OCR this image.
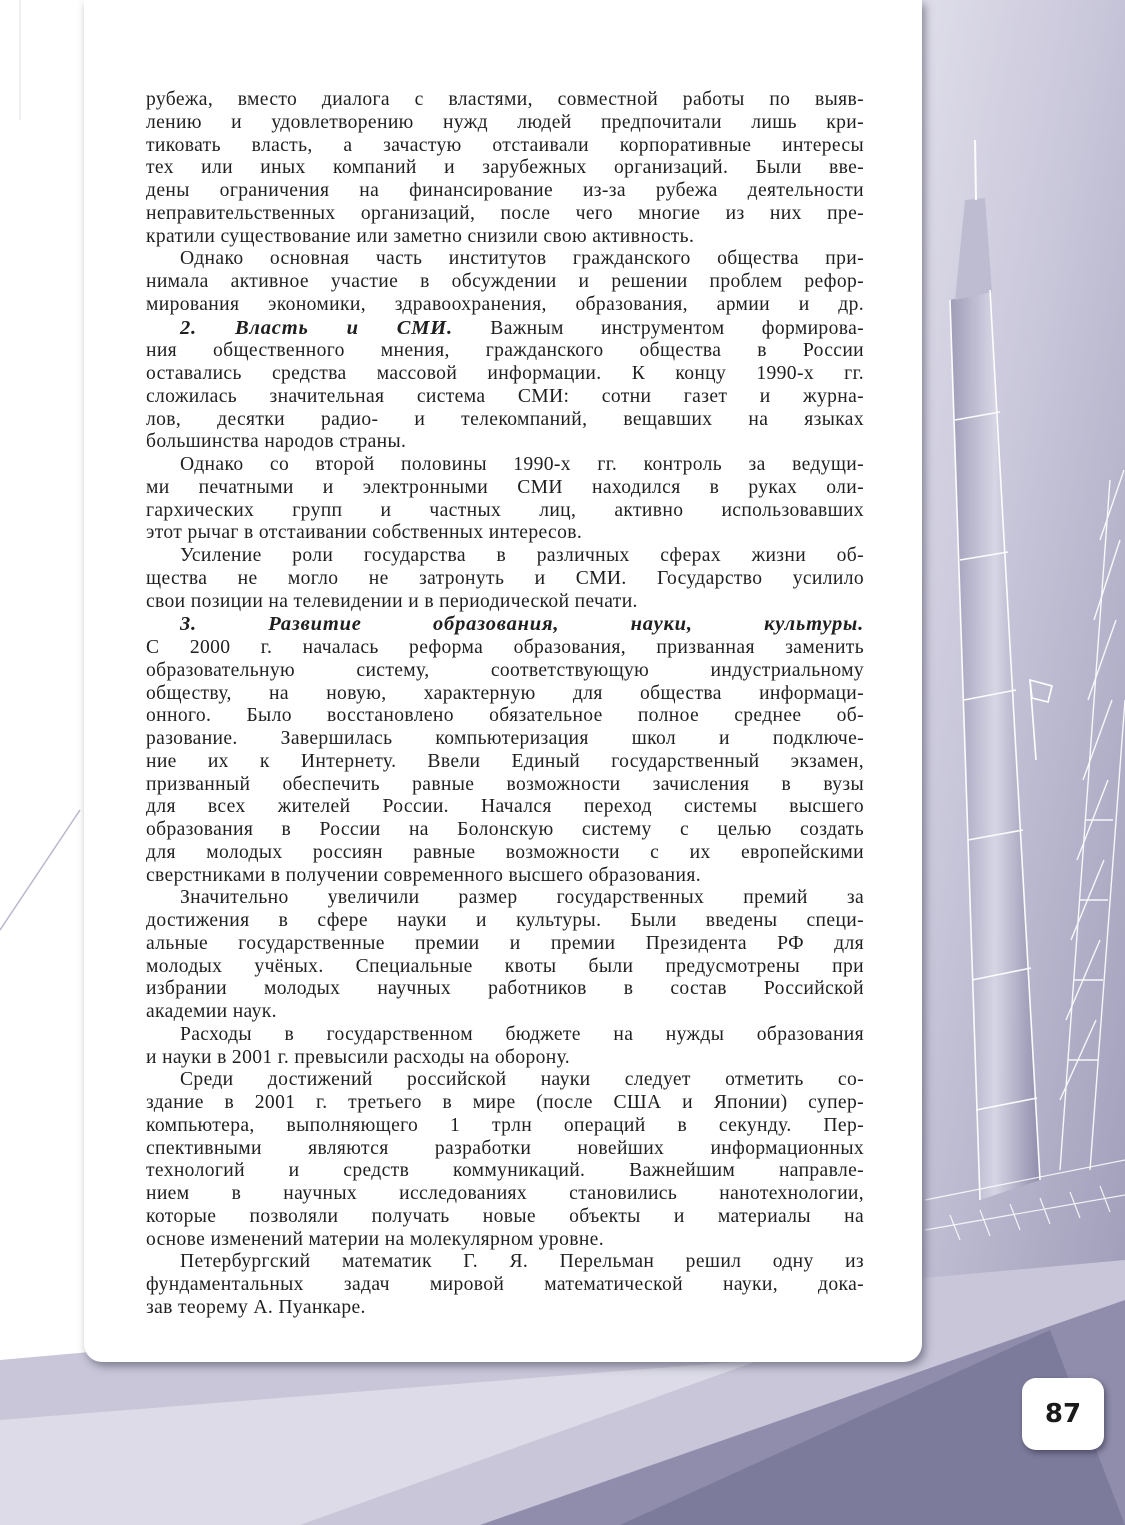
рубежа, вместо диалога с властями, совместной работы по выяв-
лению и удовлетворению нужд людей предпочитали лишь кри-
тиковать власть, а зачастую отстаивали корпоративные интересы
тех или иных компаний и зарубежных организаций. Были вве-
дены ограничения на финансирование из-за рубежа деятельности
неправительственных организаций, после чего многие из них пре-

кратили существование или заметно снизили свою активность.

Однако основная часть институтов гражданского общества при-
нимала активное участие в обсуждении и решении проблем рефор-
мирования экономики, здравоохранения, образования, армии и др.

2. Власть и СМИ. Важным инструментом формирова-
ния общественного мнения, гражданского общества в России
оставались средства массовой информации. К концу 1990-х гг.
сложилась значительная система СМИ: сотни газет и журна-
лов, десятки радио- и телекомпаний, вещавших на языках

большинства народов страны.

Однако со второй половины 1990-х гг. контроль за ведущи-
ми печатными и электронными СМИ находился в руках оли-
гархических групп и частных лиц, активно использовавших

этот рычаг в отстаивании собственных интересов.

Усиление роли государства в различных сферах жизни об-
щества не могло не затронуть и СМИ. Государство усилило

свои позиции на телевидении и в периодической печати.

3. Развитие образования, науки, культуры.
С 2000 г. началась реформа образования, призванная заменить
образовательную систему, соответствующую индустриальному
обществу, на новую, характерную для общества информаци-
онного. Было восстановлено обязательное полное среднее об-
разование. Завершилась компьютеризация школ и подключе-
ние их к Интернету. Ввели Единый государственный экзамен,
призванный обеспечить равные возможности зачисления в вузы
для всех жителей России. Начался переход системы высшего
образования в России на Болонскую систему с целью создать
для молодых россиян равные возможности с их европейскими

сверстниками в получении современного высшего образования.

Значительно увеличили размер государственных премий за
достижения в сфере науки и культуры. Были введены специ-
альные государственные премии и премии Президента РФ для
молодых учёных. Специальные квоты были предусмотрены при
избрании молодых научных работников в состав Российской

академии наук.

Расходы в государственном бюджете на нужды образования

и науки в 2001 г. превысили расходы на оборону.

Среди достижений российской науки следует отметить со-
здание в 2001 г. третьего в мире (после США и Японии) супер-
компьютера, выполняющего 1 трлн операций в секунду. Пер-
спективными являются разработки новейших информационных
технологий и средств коммуникаций. Важнейшим направле-
нием в научных исследованиях становились нанотехнологии,
которые позволяли получать новые объекты и материалы на

основе изменений материи на молекулярном уровне.

Петербургский математик Г. Я. Перельман решил одну из
фундаментальных задач мировой математической науки, дока-

зав теорему А. Пуанкаре.

87
